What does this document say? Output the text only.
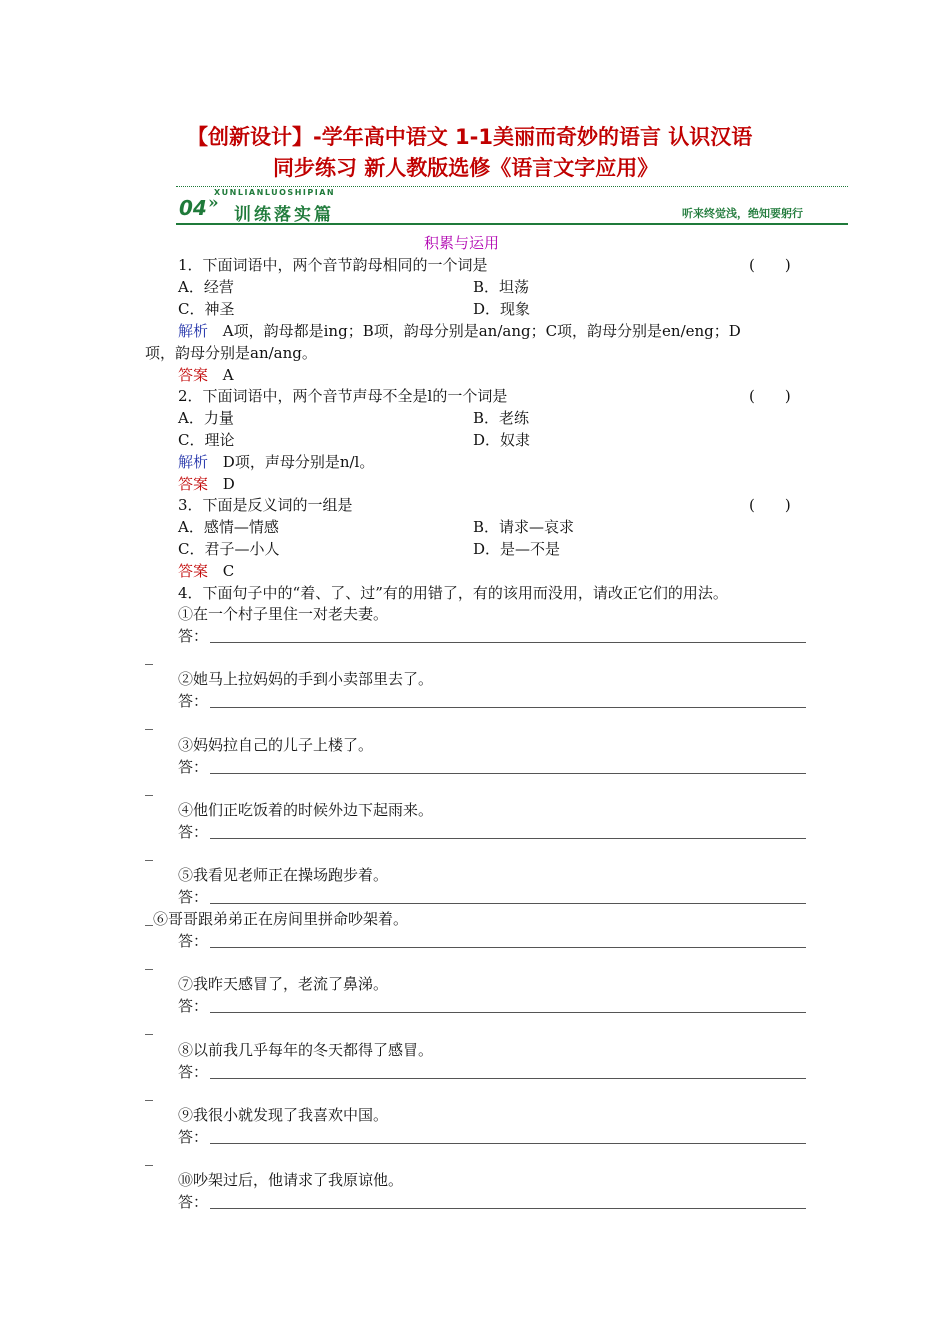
【创新设计】-学年高中语文 1-1美丽而奇妙的语言 认识汉语
同步练习 新人教版选修《语言文字应用》
04
XUNLIANLUOSHIPIAN
»
训练落实篇	听来终觉浅，绝知要躬行
积累与运用
1．下面词语中，两个音节韵母相同的一个词是	(　　)
A．经营	B．坦荡
C．神圣	D．现象
解析 A项，韵母都是ing；B项，韵母分别是an/ang；C项，韵母分别是en/eng；D
项，韵母分别是an/ang。
答案 A
2．下面词语中，两个音节声母不全是l的一个词是	(　　)
A．力量	B．老练
C．理论	D．奴隶
解析 D项，声母分别是n/l。
答案 D
3．下面是反义词的一组是	(　　)
A．感情—情感	B．请求—哀求
C．君子—小人	D．是—不是
答案 C
4．下面句子中的“着、了、过”有的用错了，有的该用而没用，请改正它们的用法。
①在一个村子里住一对老夫妻。
答：
②她马上拉妈妈的手到小卖部里去了。
答：
③妈妈拉自己的儿子上楼了。
答：
④他们正吃饭着的时候外边下起雨来。
答：
⑤我看见老师正在操场跑步着。
答：
⑥哥哥跟弟弟正在房间里拼命吵架着。
答：
⑦我昨天感冒了，老流了鼻涕。
答：
⑧以前我几乎每年的冬天都得了感冒。
答：
⑨我很小就发现了我喜欢中国。
答：
⑩吵架过后，他请求了我原谅他。
答：
